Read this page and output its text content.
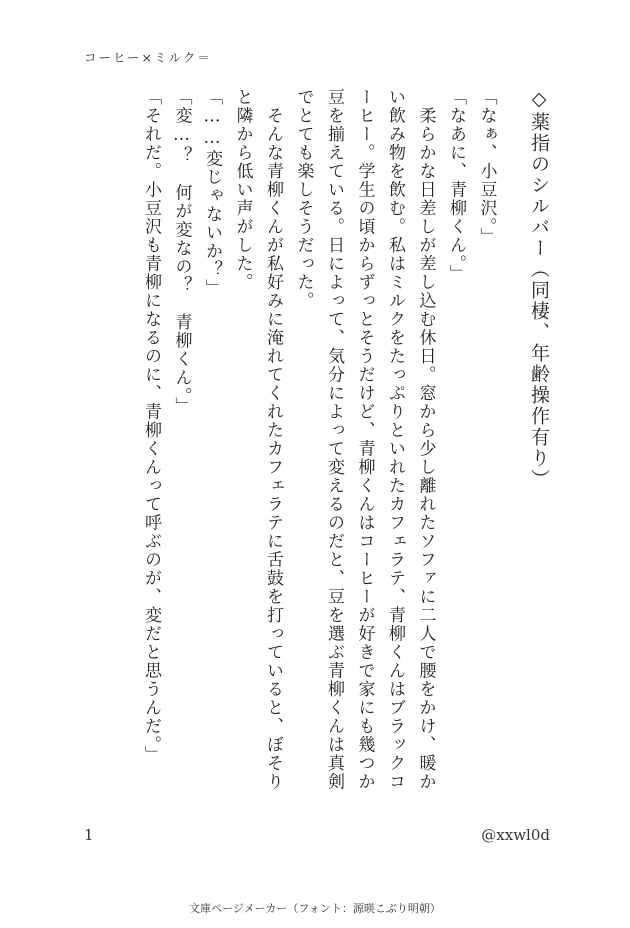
コーヒー×ミルク＝

◇薬指のシルバー（同棲、年齢操作有り）

「なぁ、小豆沢。」

「なあに、青柳くん。」

　柔らかな日差しが差し込む休日。窓から少し離れたソファに二人で腰をかけ、暖かい飲み物を飲む。私はミルクをたっぷりといれたカフェラテ、青柳くんはブラックコーヒー。学生の頃からずっとそうだけど、青柳くんはコーヒーが好きで家にも幾つか豆を揃えている。日によって、気分によって変えるのだと、豆を選ぶ青柳くんは真剣でとても楽しそうだった。

　そんな青柳くんが私好みに淹れてくれたカフェラテに舌鼓を打っていると、ぼそりと隣から低い声がした。

「……変じゃないか？」

「変…？　何が変なの？　青柳くん。」

「それだ。小豆沢も青柳になるのに、青柳くんって呼ぶのが、変だと思うんだ。」

1	@xxwl0d
文庫ページメーカー（フォント：源暎こぶり明朝）
